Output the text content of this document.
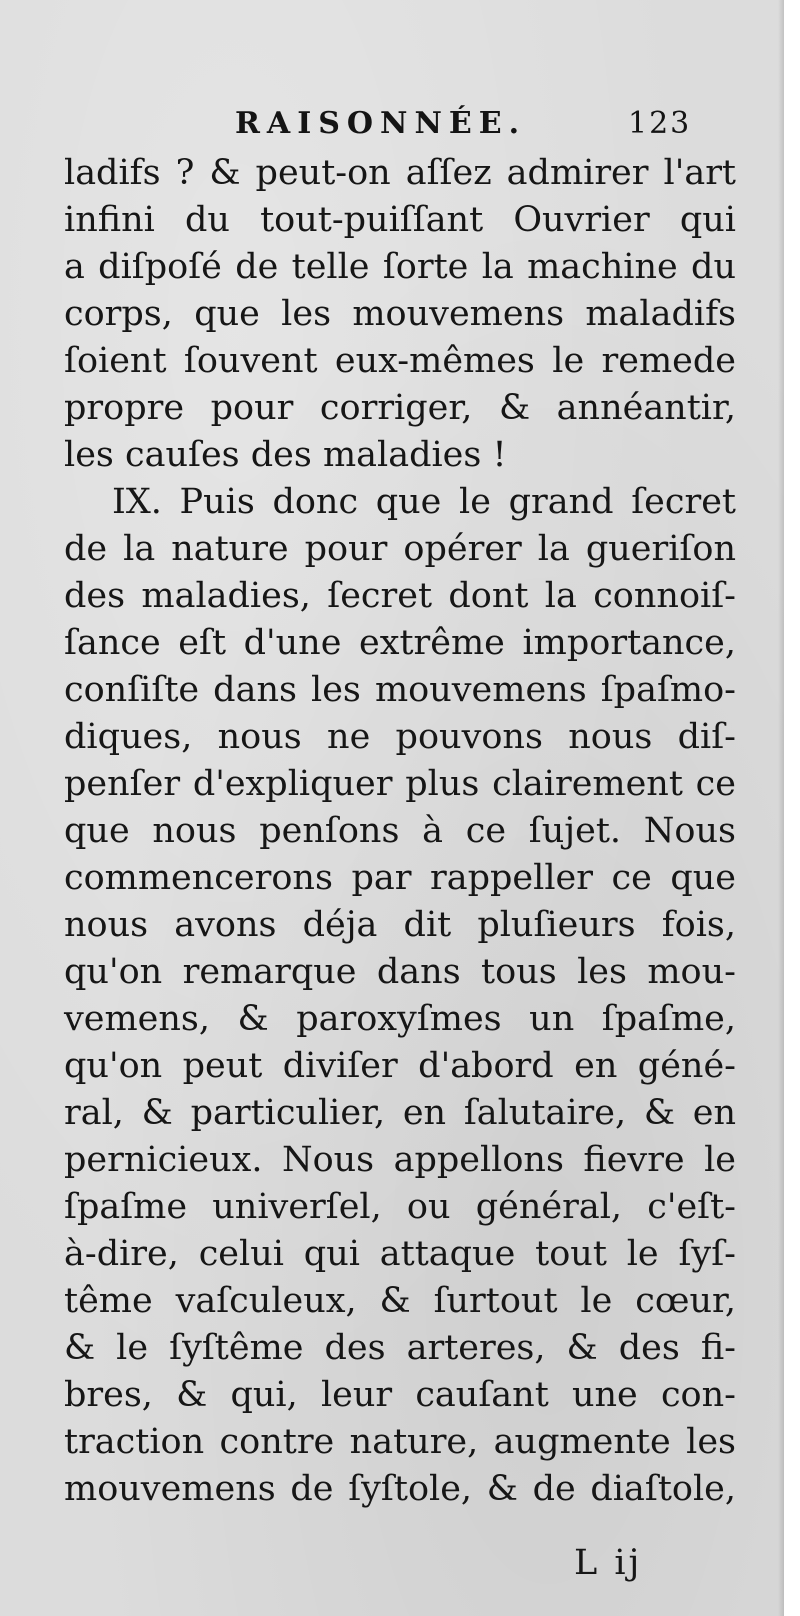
RAISONNÉE.	123
ladifs ? & peut-on aſſez admirer l'art
infini du tout-puiſſant Ouvrier qui
a diſpoſé de telle ſorte la machine du
corps, que les mouvemens maladifs
ſoient ſouvent eux-mêmes le remede
propre pour corriger, & annéantir,
les cauſes des maladies !
IX. Puis donc que le grand ſecret
de la nature pour opérer la gueriſon
des maladies, ſecret dont la connoiſ-
ſance eſt d'une extrême importance,
conſiſte dans les mouvemens ſpaſmo-
diques, nous ne pouvons nous diſ-
penſer d'expliquer plus clairement ce
que nous penſons à ce ſujet. Nous
commencerons par rappeller ce que
nous avons déja dit pluſieurs fois,
qu'on remarque dans tous les mou-
vemens, & paroxyſmes un ſpaſme,
qu'on peut diviſer d'abord en géné-
ral, & particulier, en ſalutaire, & en
pernicieux. Nous appellons fievre le
ſpaſme univerſel, ou général, c'eſt-
à-dire, celui qui attaque tout le ſyſ-
tême vaſculeux, & ſurtout le cœur,
& le ſyſtême des arteres, & des fi-
bres, & qui, leur cauſant une con-
traction contre nature, augmente les
mouvemens de ſyſtole, & de diaſtole,
L ij
